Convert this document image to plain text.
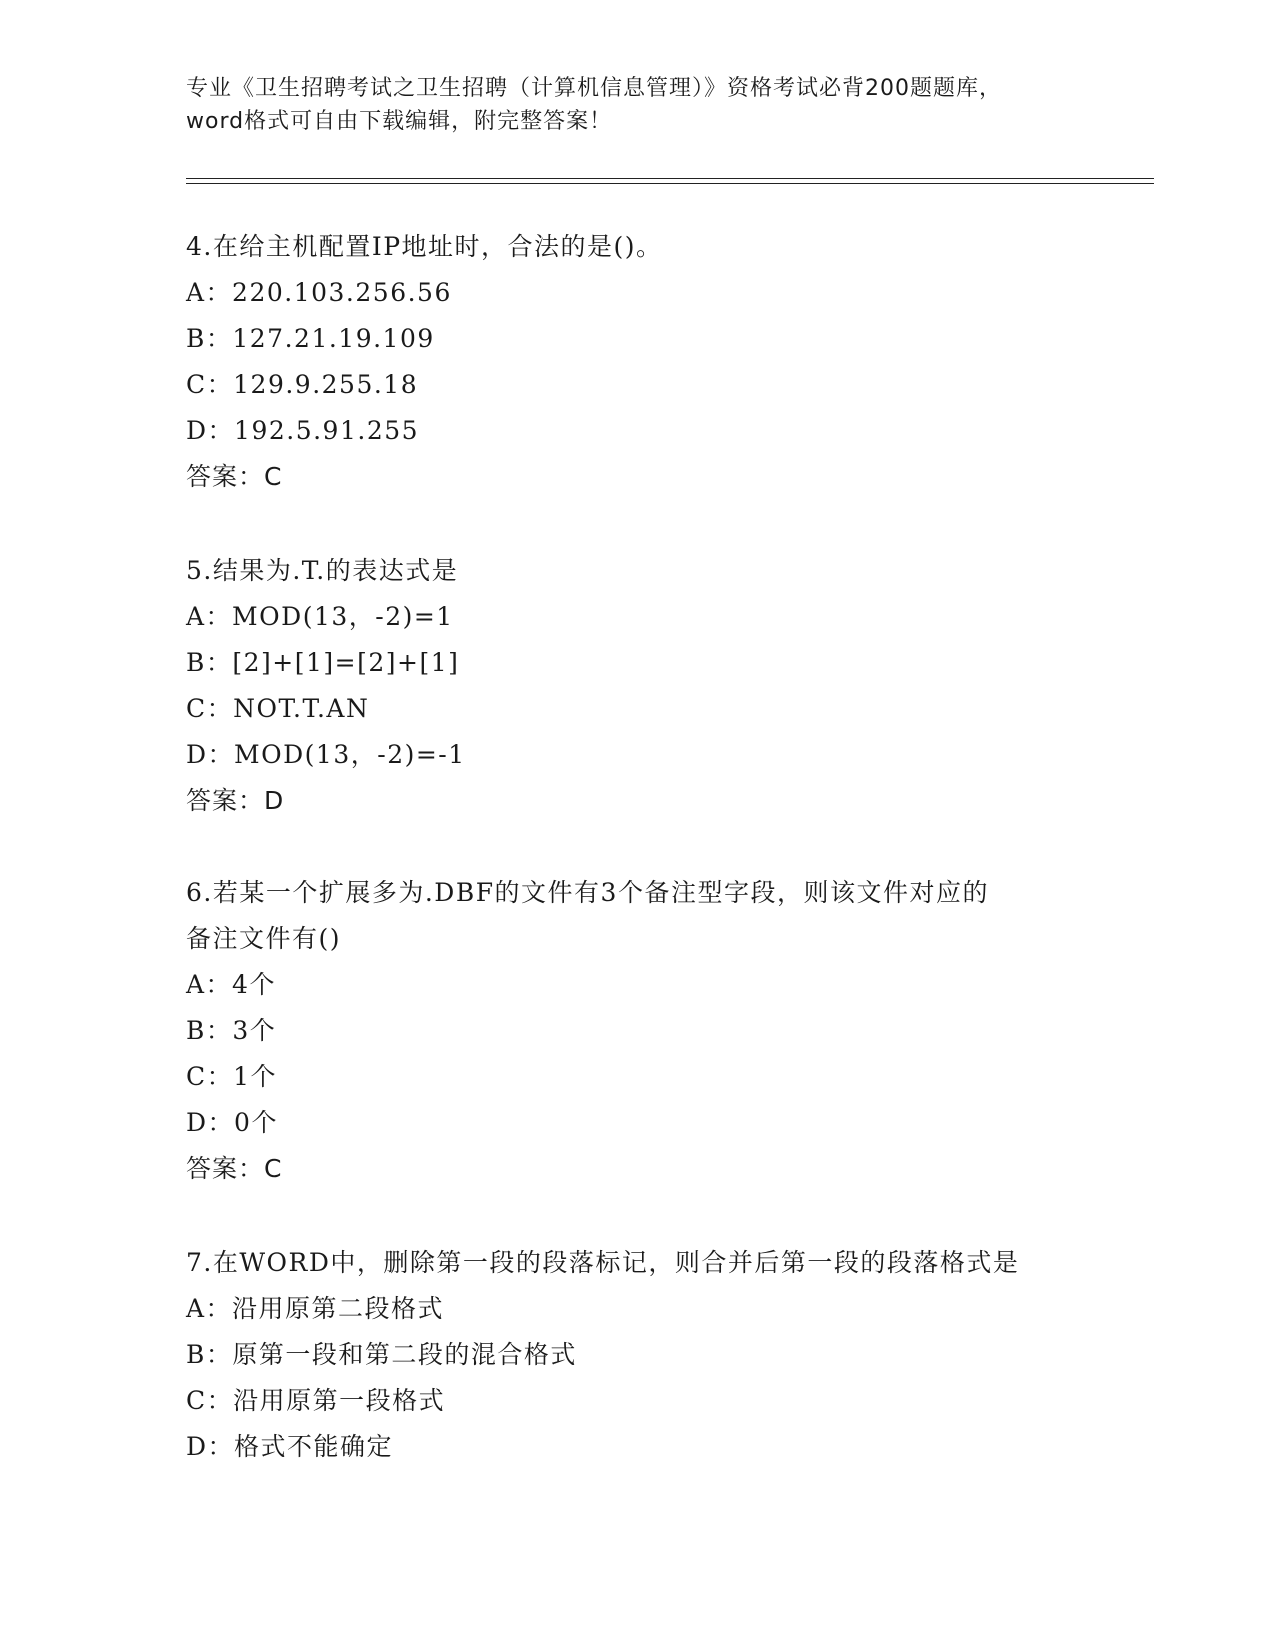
专业《卫生招聘考试之卫生招聘（计算机信息管理）》资格考试必背200题题库，
word格式可自由下载编辑，附完整答案！
4.在给主机配置IP地址时，合法的是()。
A：220.103.256.56
B：127.21.19.109
C：129.9.255.18
D：192.5.91.255
答案：C
5.结果为.T.的表达式是
A：MOD(13，-2)=1
B：[2]+[1]=[2]+[1]
C：NOT.T.AN
D：MOD(13，-2)=-1
答案：D
6.若某一个扩展多为.DBF的文件有3个备注型字段，则该文件对应的
备注文件有()
A：4个
B：3个
C：1个
D：0个
答案：C
7.在WORD中，删除第一段的段落标记，则合并后第一段的段落格式是
A：沿用原第二段格式
B：原第一段和第二段的混合格式
C：沿用原第一段格式
D：格式不能确定
